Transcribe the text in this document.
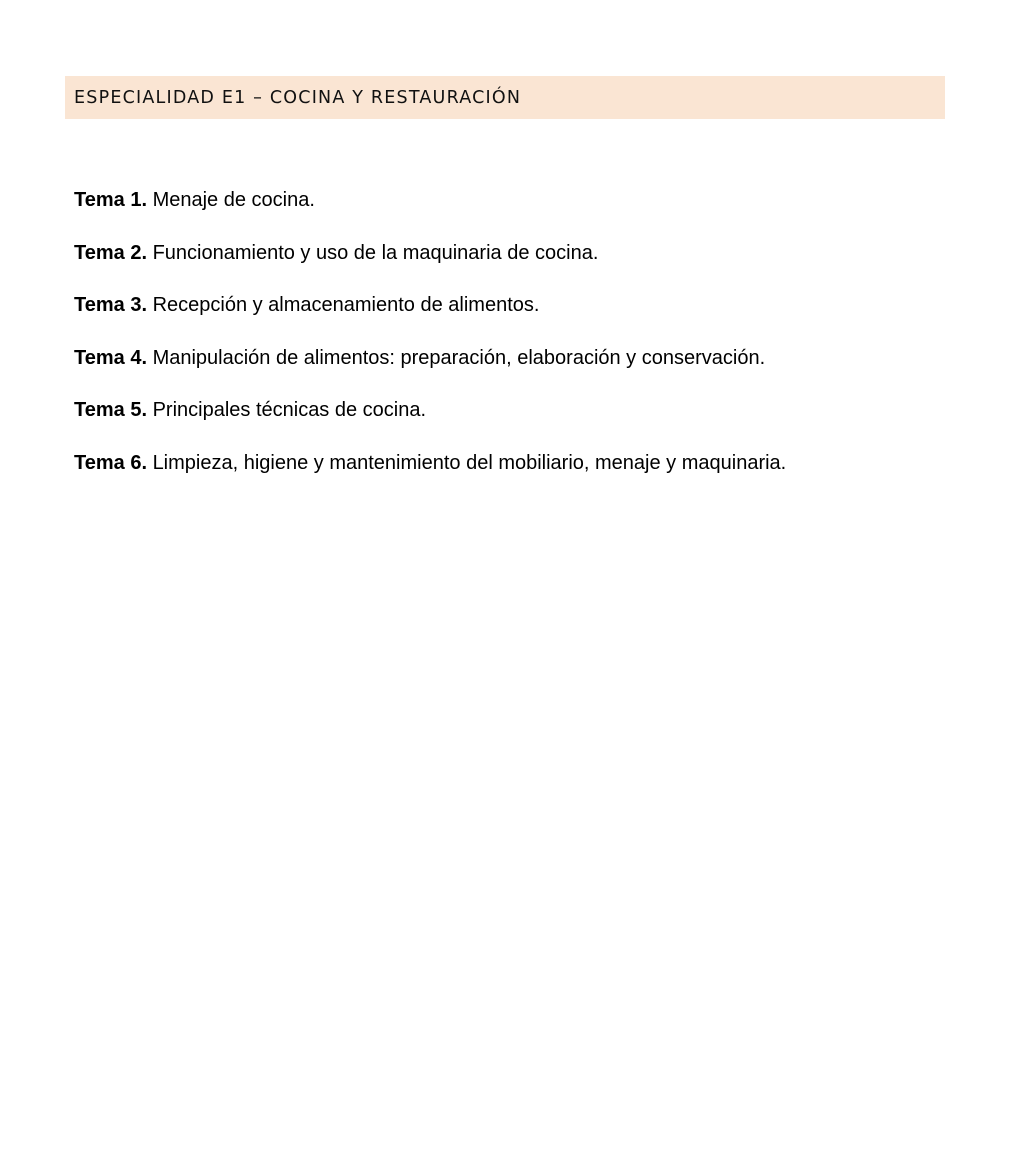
ESPECIALIDAD E1 – COCINA Y RESTAURACIÓN
Tema 1. Menaje de cocina.
Tema 2. Funcionamiento y uso de la maquinaria de cocina.
Tema 3. Recepción y almacenamiento de alimentos.
Tema 4. Manipulación de alimentos: preparación, elaboración y conservación.
Tema 5. Principales técnicas de cocina.
Tema 6. Limpieza, higiene y mantenimiento del mobiliario, menaje y maquinaria.
